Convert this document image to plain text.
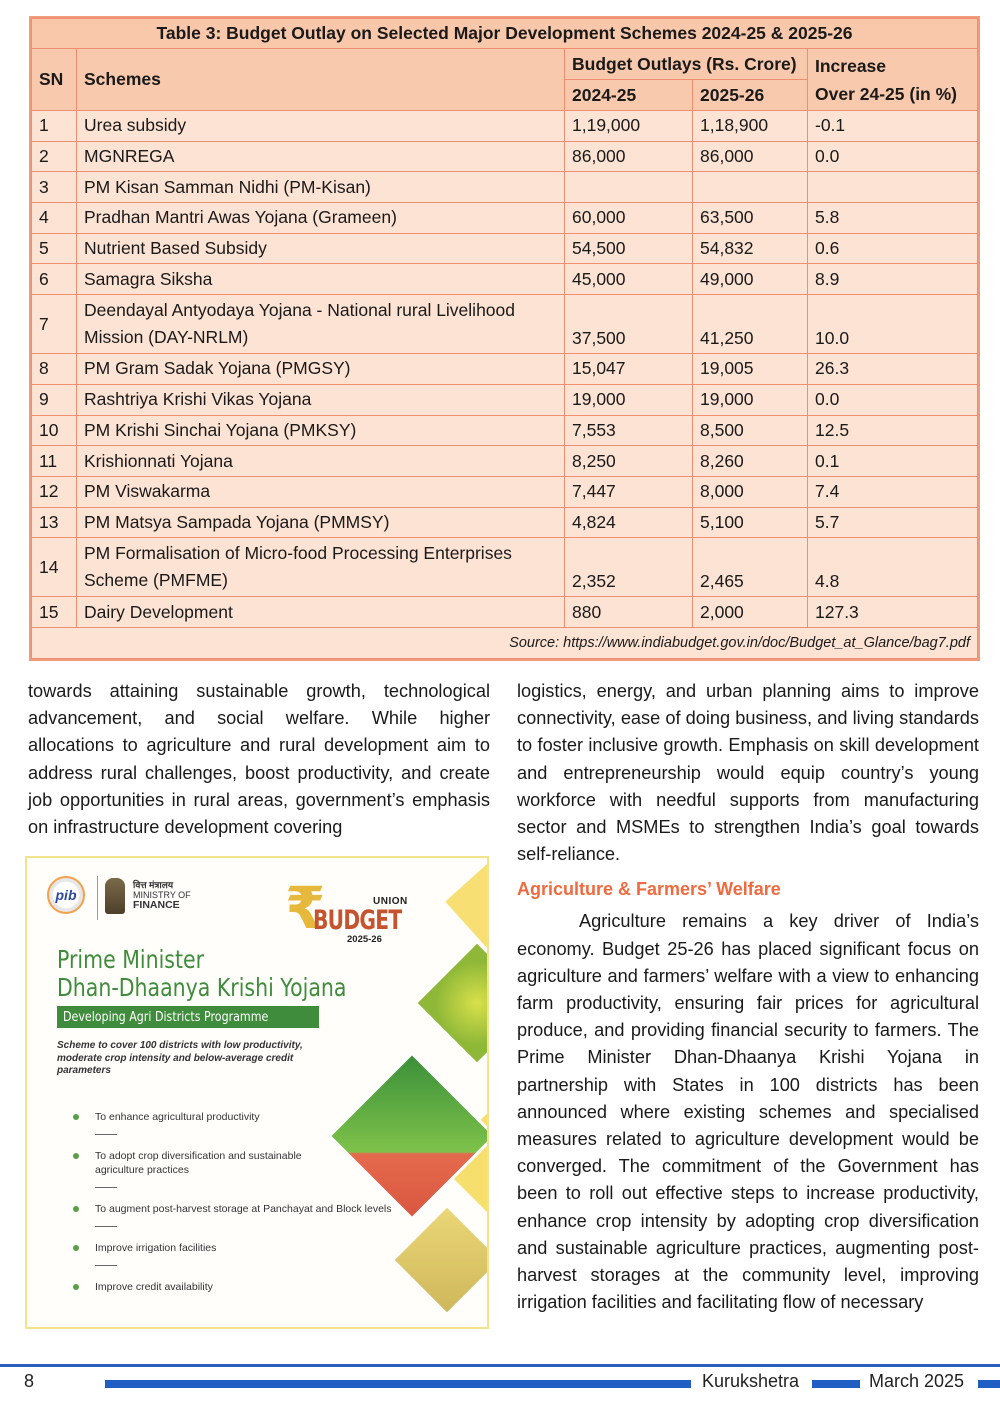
Table 3: Budget Outlay on Selected Major Development Schemes 2024-25 & 2025-26				
SN	Schemes	Budget Outlays (Rs. Crore)		Increase
Over 24-25 (in %)
		2024-25	2025-26	
1	Urea subsidy	1,19,000	1,18,900	-0.1
2	MGNREGA	86,000	86,000	0.0
3	PM Kisan Samman Nidhi (PM-Kisan)			
4	Pradhan Mantri Awas Yojana (Grameen)	60,000	63,500	5.8
5	Nutrient Based Subsidy	54,500	54,832	0.6
6	Samagra Siksha	45,000	49,000	8.9
7	Deendayal Antyodaya Yojana - National rural Livelihood
Mission (DAY-NRLM)	37,500	41,250	10.0
8	PM Gram Sadak Yojana (PMGSY)	15,047	19,005	26.3
9	Rashtriya Krishi Vikas Yojana	19,000	19,000	0.0
10	PM Krishi Sinchai Yojana (PMKSY)	7,553	8,500	12.5
11	Krishionnati Yojana	8,250	8,260	0.1
12	PM Viswakarma	7,447	8,000	7.4
13	PM Matsya Sampada Yojana (PMMSY)	4,824	5,100	5.7
14	PM Formalisation of Micro-food Processing Enterprises
Scheme (PMFME)	2,352	2,465	4.8
15	Dairy Development	880	2,000	127.3
Source: https://www.indiabudget.gov.in/doc/Budget_at_Glance/bag7.pdf				

towards attaining sustainable growth, technological advancement, and social welfare. While higher allocations to agriculture and rural development aim to address rural challenges, boost productivity, and create job opportunities in rural areas, government’s emphasis on infrastructure development covering

pib
वित्त मंत्रालय
MINISTRY OF
FINANCE ₹	UNION
BUDGET
2025-26
Prime Minister
Dhan-Dhaanya Krishi Yojana
Developing Agri Districts Programme
Scheme to cover 100 districts with low productivity, moderate crop intensity and below-average credit parameters
To enhance agricultural productivity
To adopt crop diversification and sustainable agriculture practices
To augment post-harvest storage at Panchayat and Block levels
Improve irrigation facilities
Improve credit availability

logistics, energy, and urban planning aims to improve connectivity, ease of doing business, and living standards to foster inclusive growth. Emphasis on skill development and entrepreneurship would equip country’s young workforce with needful supports from manufacturing sector and MSMEs to strengthen India’s goal towards self-reliance.

Agriculture & Farmers’ Welfare

Agriculture remains a key driver of India’s economy. Budget 25-26 has placed significant focus on agriculture and farmers’ welfare with a view to enhancing farm productivity, ensuring fair prices for agricultural produce, and providing financial security to farmers. The Prime Minister Dhan-Dhaanya Krishi Yojana in partnership with States in 100 districts has been announced where existing schemes and specialised measures related to agriculture development would be converged. The commitment of the Government has been to roll out effective steps to increase productivity, enhance crop intensity by adopting crop diversification and sustainable agriculture practices, augmenting post-harvest storages at the community level, improving irrigation facilities and facilitating flow of necessary

8	Kurukshetra	March 2025
